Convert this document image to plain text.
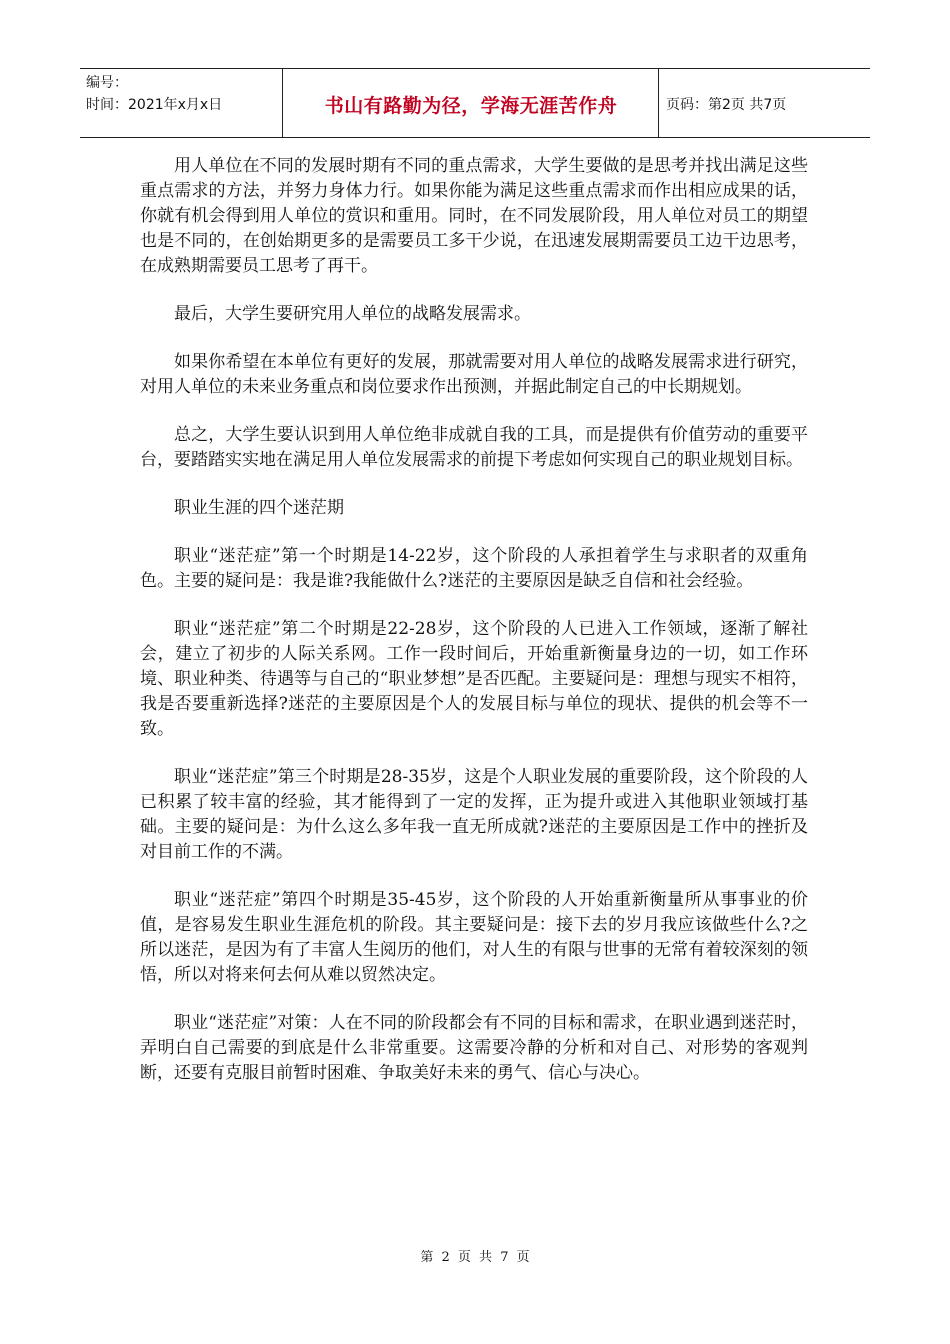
编号：
时间：2021年x月x日	书山有路勤为径，学海无涯苦作舟	页码：第2页 共7页

用人单位在不同的发展时期有不同的重点需求，大学生要做的是思考并找出满足这些重点需求的方法，并努力身体力行。如果你能为满足这些重点需求而作出相应成果的话，你就有机会得到用人单位的赏识和重用。同时，在不同发展阶段，用人单位对员工的期望也是不同的，在创始期更多的是需要员工多干少说，在迅速发展期需要员工边干边思考，在成熟期需要员工思考了再干。

最后，大学生要研究用人单位的战略发展需求。

如果你希望在本单位有更好的发展，那就需要对用人单位的战略发展需求进行研究，对用人单位的未来业务重点和岗位要求作出预测，并据此制定自己的中长期规划。

总之，大学生要认识到用人单位绝非成就自我的工具，而是提供有价值劳动的重要平台，要踏踏实实地在满足用人单位发展需求的前提下考虑如何实现自己的职业规划目标。

职业生涯的四个迷茫期

职业“迷茫症”第一个时期是14-22岁，这个阶段的人承担着学生与求职者的双重角色。主要的疑问是：我是谁?我能做什么?迷茫的主要原因是缺乏自信和社会经验。

职业“迷茫症”第二个时期是22-28岁，这个阶段的人已进入工作领域，逐渐了解社会，建立了初步的人际关系网。工作一段时间后，开始重新衡量身边的一切，如工作环境、职业种类、待遇等与自己的“职业梦想”是否匹配。主要疑问是：理想与现实不相符，我是否要重新选择?迷茫的主要原因是个人的发展目标与单位的现状、提供的机会等不一致。

职业“迷茫症”第三个时期是28-35岁，这是个人职业发展的重要阶段，这个阶段的人已积累了较丰富的经验，其才能得到了一定的发挥，正为提升或进入其他职业领域打基础。主要的疑问是：为什么这么多年我一直无所成就?迷茫的主要原因是工作中的挫折及对目前工作的不满。

职业“迷茫症”第四个时期是35-45岁，这个阶段的人开始重新衡量所从事事业的价值，是容易发生职业生涯危机的阶段。其主要疑问是：接下去的岁月我应该做些什么?之所以迷茫，是因为有了丰富人生阅历的他们，对人生的有限与世事的无常有着较深刻的领悟，所以对将来何去何从难以贸然决定。

职业“迷茫症”对策：人在不同的阶段都会有不同的目标和需求，在职业遇到迷茫时，弄明白自己需要的到底是什么非常重要。这需要冷静的分析和对自己、对形势的客观判断，还要有克服目前暂时困难、争取美好未来的勇气、信心与决心。

第 2 页 共 7 页
